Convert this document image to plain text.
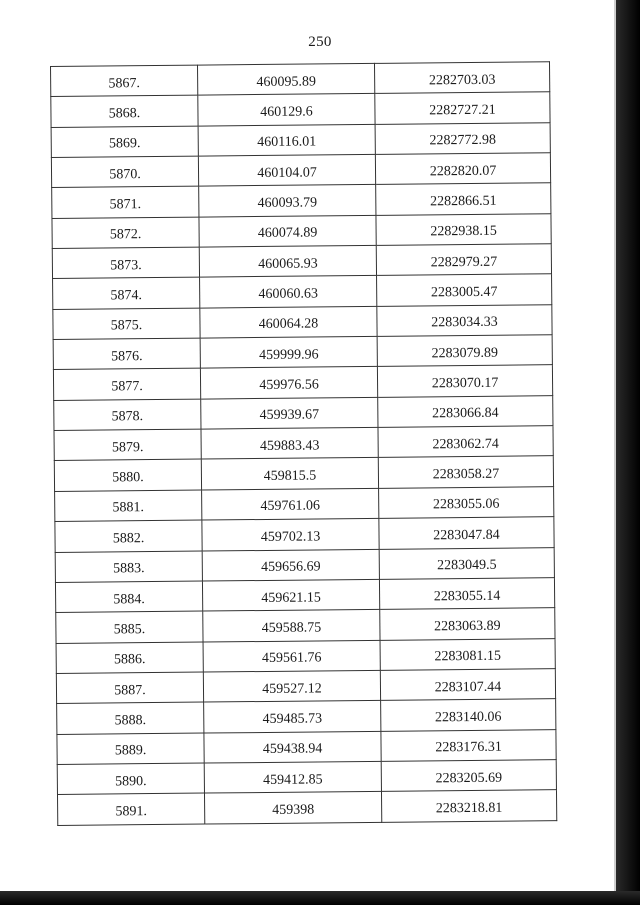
250
5867.	460095.89	2282703.03
5868.	460129.6	2282727.21
5869.	460116.01	2282772.98
5870.	460104.07	2282820.07
5871.	460093.79	2282866.51
5872.	460074.89	2282938.15
5873.	460065.93	2282979.27
5874.	460060.63	2283005.47
5875.	460064.28	2283034.33
5876.	459999.96	2283079.89
5877.	459976.56	2283070.17
5878.	459939.67	2283066.84
5879.	459883.43	2283062.74
5880.	459815.5	2283058.27
5881.	459761.06	2283055.06
5882.	459702.13	2283047.84
5883.	459656.69	2283049.5
5884.	459621.15	2283055.14
5885.	459588.75	2283063.89
5886.	459561.76	2283081.15
5887.	459527.12	2283107.44
5888.	459485.73	2283140.06
5889.	459438.94	2283176.31
5890.	459412.85	2283205.69
5891.	459398	2283218.81
